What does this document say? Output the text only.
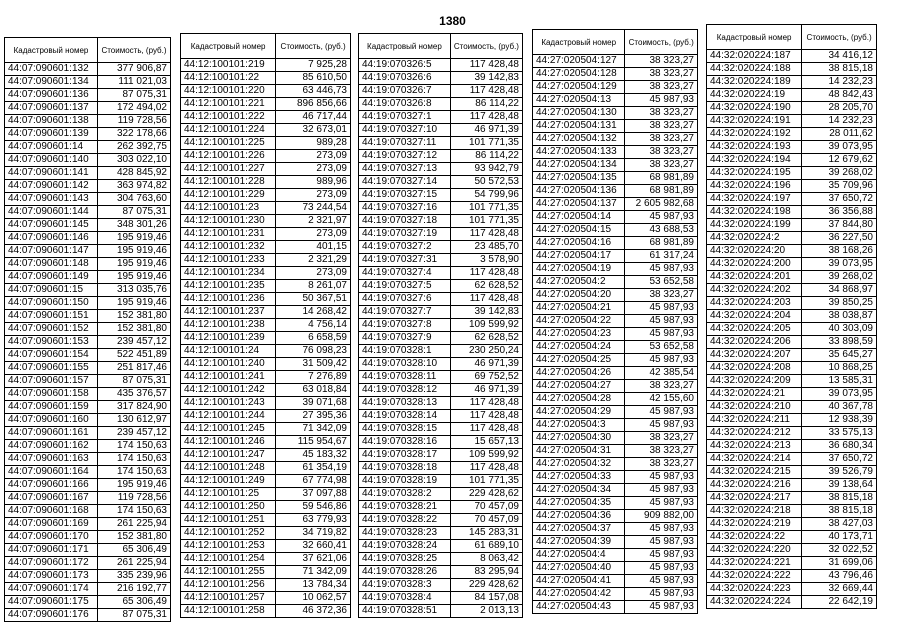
1380
Кадастровый номер	Стоимость, (руб.)
44:07:090601:132	377 906,87
44:07:090601:134	111 021,03
44:07:090601:136	87 075,31
44:07:090601:137	172 494,02
44:07:090601:138	119 728,56
44:07:090601:139	322 178,66
44:07:090601:14	262 392,75
44:07:090601:140	303 022,10
44:07:090601:141	428 845,92
44:07:090601:142	363 974,82
44:07:090601:143	304 763,60
44:07:090601:144	87 075,31
44:07:090601:145	348 301,26
44:07:090601:146	195 919,46
44:07:090601:147	195 919,46
44:07:090601:148	195 919,46
44:07:090601:149	195 919,46
44:07:090601:15	313 035,76
44:07:090601:150	195 919,46
44:07:090601:151	152 381,80
44:07:090601:152	152 381,80
44:07:090601:153	239 457,12
44:07:090601:154	522 451,89
44:07:090601:155	251 817,46
44:07:090601:157	87 075,31
44:07:090601:158	435 376,57
44:07:090601:159	317 824,90
44:07:090601:160	130 612,97
44:07:090601:161	239 457,12
44:07:090601:162	174 150,63
44:07:090601:163	174 150,63
44:07:090601:164	174 150,63
44:07:090601:166	195 919,46
44:07:090601:167	119 728,56
44:07:090601:168	174 150,63
44:07:090601:169	261 225,94
44:07:090601:170	152 381,80
44:07:090601:171	65 306,49
44:07:090601:172	261 225,94
44:07:090601:173	335 239,96
44:07:090601:174	216 192,77
44:07:090601:175	65 306,49
44:07:090601:176	87 075,31
Кадастровый номер	Стоимость, (руб.)
44:12:100101:219	7 925,28
44:12:100101:22	85 610,50
44:12:100101:220	63 446,73
44:12:100101:221	896 856,66
44:12:100101:222	46 717,44
44:12:100101:224	32 673,01
44:12:100101:225	989,28
44:12:100101:226	273,09
44:12:100101:227	273,09
44:12:100101:228	989,96
44:12:100101:229	273,09
44:12:100101:23	73 244,54
44:12:100101:230	2 321,97
44:12:100101:231	273,09
44:12:100101:232	401,15
44:12:100101:233	2 321,29
44:12:100101:234	273,09
44:12:100101:235	8 261,07
44:12:100101:236	50 367,51
44:12:100101:237	14 268,42
44:12:100101:238	4 756,14
44:12:100101:239	6 658,59
44:12:100101:24	76 098,23
44:12:100101:240	31 509,42
44:12:100101:241	7 276,89
44:12:100101:242	63 018,84
44:12:100101:243	39 071,68
44:12:100101:244	27 395,36
44:12:100101:245	71 342,09
44:12:100101:246	115 954,67
44:12:100101:247	45 183,32
44:12:100101:248	61 354,19
44:12:100101:249	67 774,98
44:12:100101:25	37 097,88
44:12:100101:250	59 546,86
44:12:100101:251	63 779,93
44:12:100101:252	34 719,82
44:12:100101:253	32 660,41
44:12:100101:254	37 621,06
44:12:100101:255	71 342,09
44:12:100101:256	13 784,34
44:12:100101:257	10 062,57
44:12:100101:258	46 372,36
Кадастровый номер	Стоимость, (руб.)
44:19:070326:5	117 428,48
44:19:070326:6	39 142,83
44:19:070326:7	117 428,48
44:19:070326:8	86 114,22
44:19:070327:1	117 428,48
44:19:070327:10	46 971,39
44:19:070327:11	101 771,35
44:19:070327:12	86 114,22
44:19:070327:13	93 942,79
44:19:070327:14	50 572,53
44:19:070327:15	54 799,96
44:19:070327:16	101 771,35
44:19:070327:18	101 771,35
44:19:070327:19	117 428,48
44:19:070327:2	23 485,70
44:19:070327:31	3 578,90
44:19:070327:4	117 428,48
44:19:070327:5	62 628,52
44:19:070327:6	117 428,48
44:19:070327:7	39 142,83
44:19:070327:8	109 599,92
44:19:070327:9	62 628,52
44:19:070328:1	230 250,24
44:19:070328:10	46 971,39
44:19:070328:11	69 752,52
44:19:070328:12	46 971,39
44:19:070328:13	117 428,48
44:19:070328:14	117 428,48
44:19:070328:15	117 428,48
44:19:070328:16	15 657,13
44:19:070328:17	109 599,92
44:19:070328:18	117 428,48
44:19:070328:19	101 771,35
44:19:070328:2	229 428,62
44:19:070328:21	70 457,09
44:19:070328:22	70 457,09
44:19:070328:23	145 283,31
44:19:070328:24	61 689,10
44:19:070328:25	8 063,42
44:19:070328:26	83 295,94
44:19:070328:3	229 428,62
44:19:070328:4	84 157,08
44:19:070328:51	2 013,13
Кадастровый номер	Стоимость, (руб.)
44:27:020504:127	38 323,27
44:27:020504:128	38 323,27
44:27:020504:129	38 323,27
44:27:020504:13	45 987,93
44:27:020504:130	38 323,27
44:27:020504:131	38 323,27
44:27:020504:132	38 323,27
44:27:020504:133	38 323,27
44:27:020504:134	38 323,27
44:27:020504:135	68 981,89
44:27:020504:136	68 981,89
44:27:020504:137	2 605 982,68
44:27:020504:14	45 987,93
44:27:020504:15	43 688,53
44:27:020504:16	68 981,89
44:27:020504:17	61 317,24
44:27:020504:19	45 987,93
44:27:020504:2	53 652,58
44:27:020504:20	38 323,27
44:27:020504:21	45 987,93
44:27:020504:22	45 987,93
44:27:020504:23	45 987,93
44:27:020504:24	53 652,58
44:27:020504:25	45 987,93
44:27:020504:26	42 385,54
44:27:020504:27	38 323,27
44:27:020504:28	42 155,60
44:27:020504:29	45 987,93
44:27:020504:3	45 987,93
44:27:020504:30	38 323,27
44:27:020504:31	38 323,27
44:27:020504:32	38 323,27
44:27:020504:33	45 987,93
44:27:020504:34	45 987,93
44:27:020504:35	45 987,93
44:27:020504:36	909 882,00
44:27:020504:37	45 987,93
44:27:020504:39	45 987,93
44:27:020504:4	45 987,93
44:27:020504:40	45 987,93
44:27:020504:41	45 987,93
44:27:020504:42	45 987,93
44:27:020504:43	45 987,93
Кадастровый номер	Стоимость, (руб.)
44:32:020224:187	34 416,12
44:32:020224:188	38 815,18
44:32:020224:189	14 232,23
44:32:020224:19	48 842,43
44:32:020224:190	28 205,70
44:32:020224:191	14 232,23
44:32:020224:192	28 011,62
44:32:020224:193	39 073,95
44:32:020224:194	12 679,62
44:32:020224:195	39 268,02
44:32:020224:196	35 709,96
44:32:020224:197	37 650,72
44:32:020224:198	36 356,88
44:32:020224:199	37 844,80
44:32:020224:2	36 227,50
44:32:020224:20	38 168,26
44:32:020224:200	39 073,95
44:32:020224:201	39 268,02
44:32:020224:202	34 868,97
44:32:020224:203	39 850,25
44:32:020224:204	38 038,87
44:32:020224:205	40 303,09
44:32:020224:206	33 898,59
44:32:020224:207	35 645,27
44:32:020224:208	10 868,25
44:32:020224:209	13 585,31
44:32:020224:21	39 073,95
44:32:020224:210	40 367,78
44:32:020224:211	12 938,39
44:32:020224:212	33 575,13
44:32:020224:213	36 680,34
44:32:020224:214	37 650,72
44:32:020224:215	39 526,79
44:32:020224:216	39 138,64
44:32:020224:217	38 815,18
44:32:020224:218	38 815,18
44:32:020224:219	38 427,03
44:32:020224:22	40 173,71
44:32:020224:220	32 022,52
44:32:020224:221	31 699,06
44:32:020224:222	43 796,46
44:32:020224:223	32 669,44
44:32:020224:224	22 642,19
